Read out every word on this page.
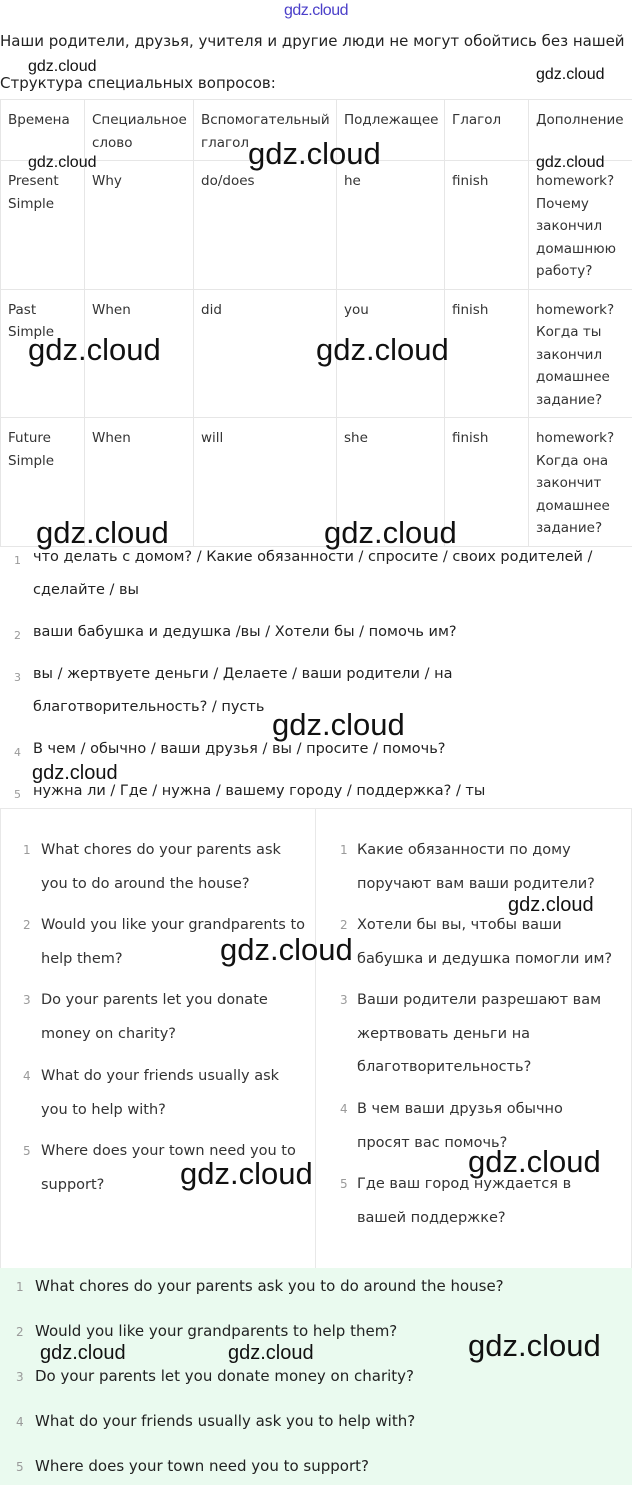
gdz.cloud
Наши родители, друзья, учителя и другие люди не могут обойтись без нашей
Структура специальных вопросов:
Времена	Специальное слово	Вспомогательный глагол	Подлежащее	Глагол	Дополнение
Present Simple	Why	do/does	he	finish	homework? Почему закончил домашнюю работу?
Past Simple	When	did	you	finish	homework? Когда ты закончил домашнее задание?
Future Simple	When	will	she	finish	homework? Когда она закончит домашнее задание?
1 что делать с домом? / Какие обязанности / спросите / своих родителей /
сделайте / вы
2 ваши бабушка и дедушка /вы / Хотели бы / помочь им?
3 вы / жертвуете деньги / Делаете / ваши родители / на
благотворительность? / пусть
4 В чем / обычно / ваши друзья / вы / просите / помочь?
5 нужна ли / Где / нужна / вашему городу / поддержка? / ты
1 What chores do your parents ask you to do around the house?
2 Would you like your grandparents to help them?
3 Do your parents let you donate money on charity?
4 What do your friends usually ask you to help with?
5 Where does your town need you to support?
1 Какие обязанности по дому поручают вам ваши родители?
2 Хотели бы вы, чтобы ваши бабушка и дедушка помогли им?
3 Ваши родители разрешают вам жертвовать деньги на благотворительность?
4 В чем ваши друзья обычно просят вас помочь?
5 Где ваш город нуждается в вашей поддержке?
1 What chores do your parents ask you to do around the house?
2 Would you like your grandparents to help them?
3 Do your parents let you donate money on charity?
4 What do your friends usually ask you to help with?
5 Where does your town need you to support?
gdz.cloud	gdz.cloud
gdz.cloud	gdz.cloud	gdz.cloud
gdz.cloud	gdz.cloud
gdz.cloud	gdz.cloud
gdz.cloud
gdz.cloud
gdz.cloud
gdz.cloud
gdz.cloud
gdz.cloud
gdz.cloud
gdz.cloud	gdz.cloud
